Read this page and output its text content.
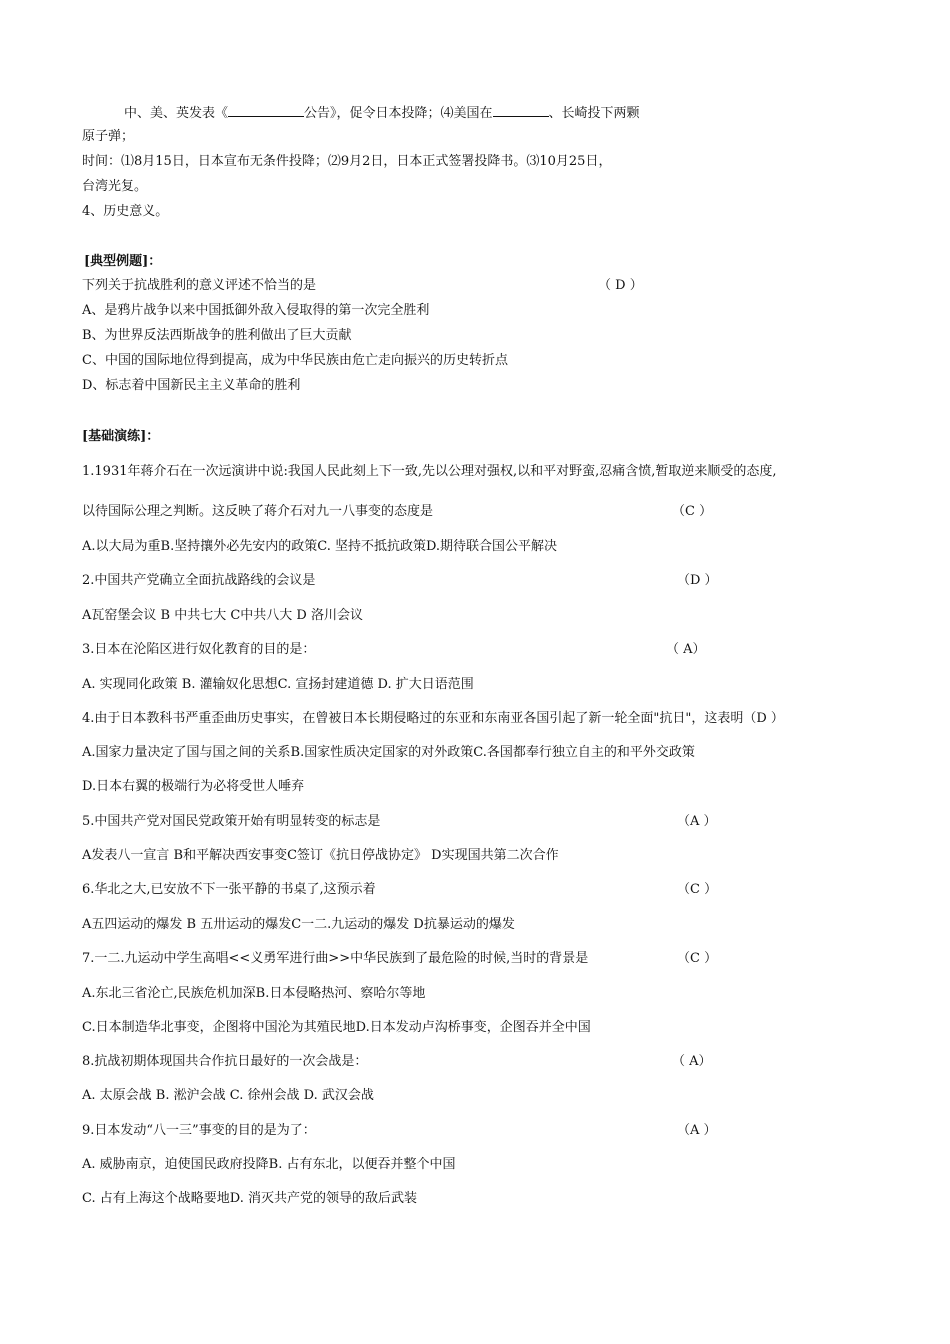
中、美、英发表《	公告》，促令日本投降；⑷美国在	、长崎投下两颗
原子弹；
时间：⑴8月15日，日本宣布无条件投降；⑵9月2日，日本正式签署投降书。⑶10月25日，
台湾光复。
4、历史意义。
[典型例题]：
下列关于抗战胜利的意义评述不恰当的是	（ D ）
A、是鸦片战争以来中国抵御外敌入侵取得的第一次完全胜利
B、为世界反法西斯战争的胜利做出了巨大贡献
C、中国的国际地位得到提高，成为中华民族由危亡走向振兴的历史转折点
D、标志着中国新民主主义革命的胜利
[基础演练]：
1.1931年蒋介石在一次远演讲中说:我国人民此刻上下一致,先以公理对强权,以和平对野蛮,忍痛含愤,暂取逆来顺受的态度,
以待国际公理之判断。这反映了蒋介石对九一八事变的态度是	（C ）
A.以大局为重B.坚持攘外必先安内的政策C. 坚持不抵抗政策D.期待联合国公平解决
2.中国共产党确立全面抗战路线的会议是	（D ）
A瓦窑堡会议 B 中共七大 C中共八大 D 洛川会议
3.日本在沦陷区进行奴化教育的目的是：	（ A）
A. 实现同化政策 B. 灌输奴化思想C. 宣扬封建道德 D. 扩大日语范围
4.由于日本教科书严重歪曲历史事实，在曾被日本长期侵略过的东亚和东南亚各国引起了新一轮全面"抗日"，这表明（D ）
A.国家力量决定了国与国之间的关系B.国家性质决定国家的对外政策C.各国都奉行独立自主的和平外交政策
D.日本右翼的极端行为必将受世人唾弃
5.中国共产党对国民党政策开始有明显转变的标志是	（A ）
A发表八一宣言 B和平解决西安事变C签订《抗日停战协定》 D实现国共第二次合作
6.华北之大,已安放不下一张平静的书桌了,这预示着	（C ）
A五四运动的爆发 B 五卅运动的爆发C一二.九运动的爆发 D抗暴运动的爆发
7.一二.九运动中学生高唱<<义勇军进行曲>>中华民族到了最危险的时候,当时的背景是	（C ）
A.东北三省沦亡,民族危机加深B.日本侵略热河、察哈尔等地
C.日本制造华北事变，企图将中国沦为其殖民地D.日本发动卢沟桥事变，企图吞并全中国
8.抗战初期体现国共合作抗日最好的一次会战是：	（ A）
A. 太原会战 B. 淞沪会战 C. 徐州会战 D. 武汉会战
9.日本发动“八一三”事变的目的是为了：	（A ）
A. 威胁南京，迫使国民政府投降B. 占有东北，以便吞并整个中国
C. 占有上海这个战略要地D. 消灭共产党的领导的敌后武装
